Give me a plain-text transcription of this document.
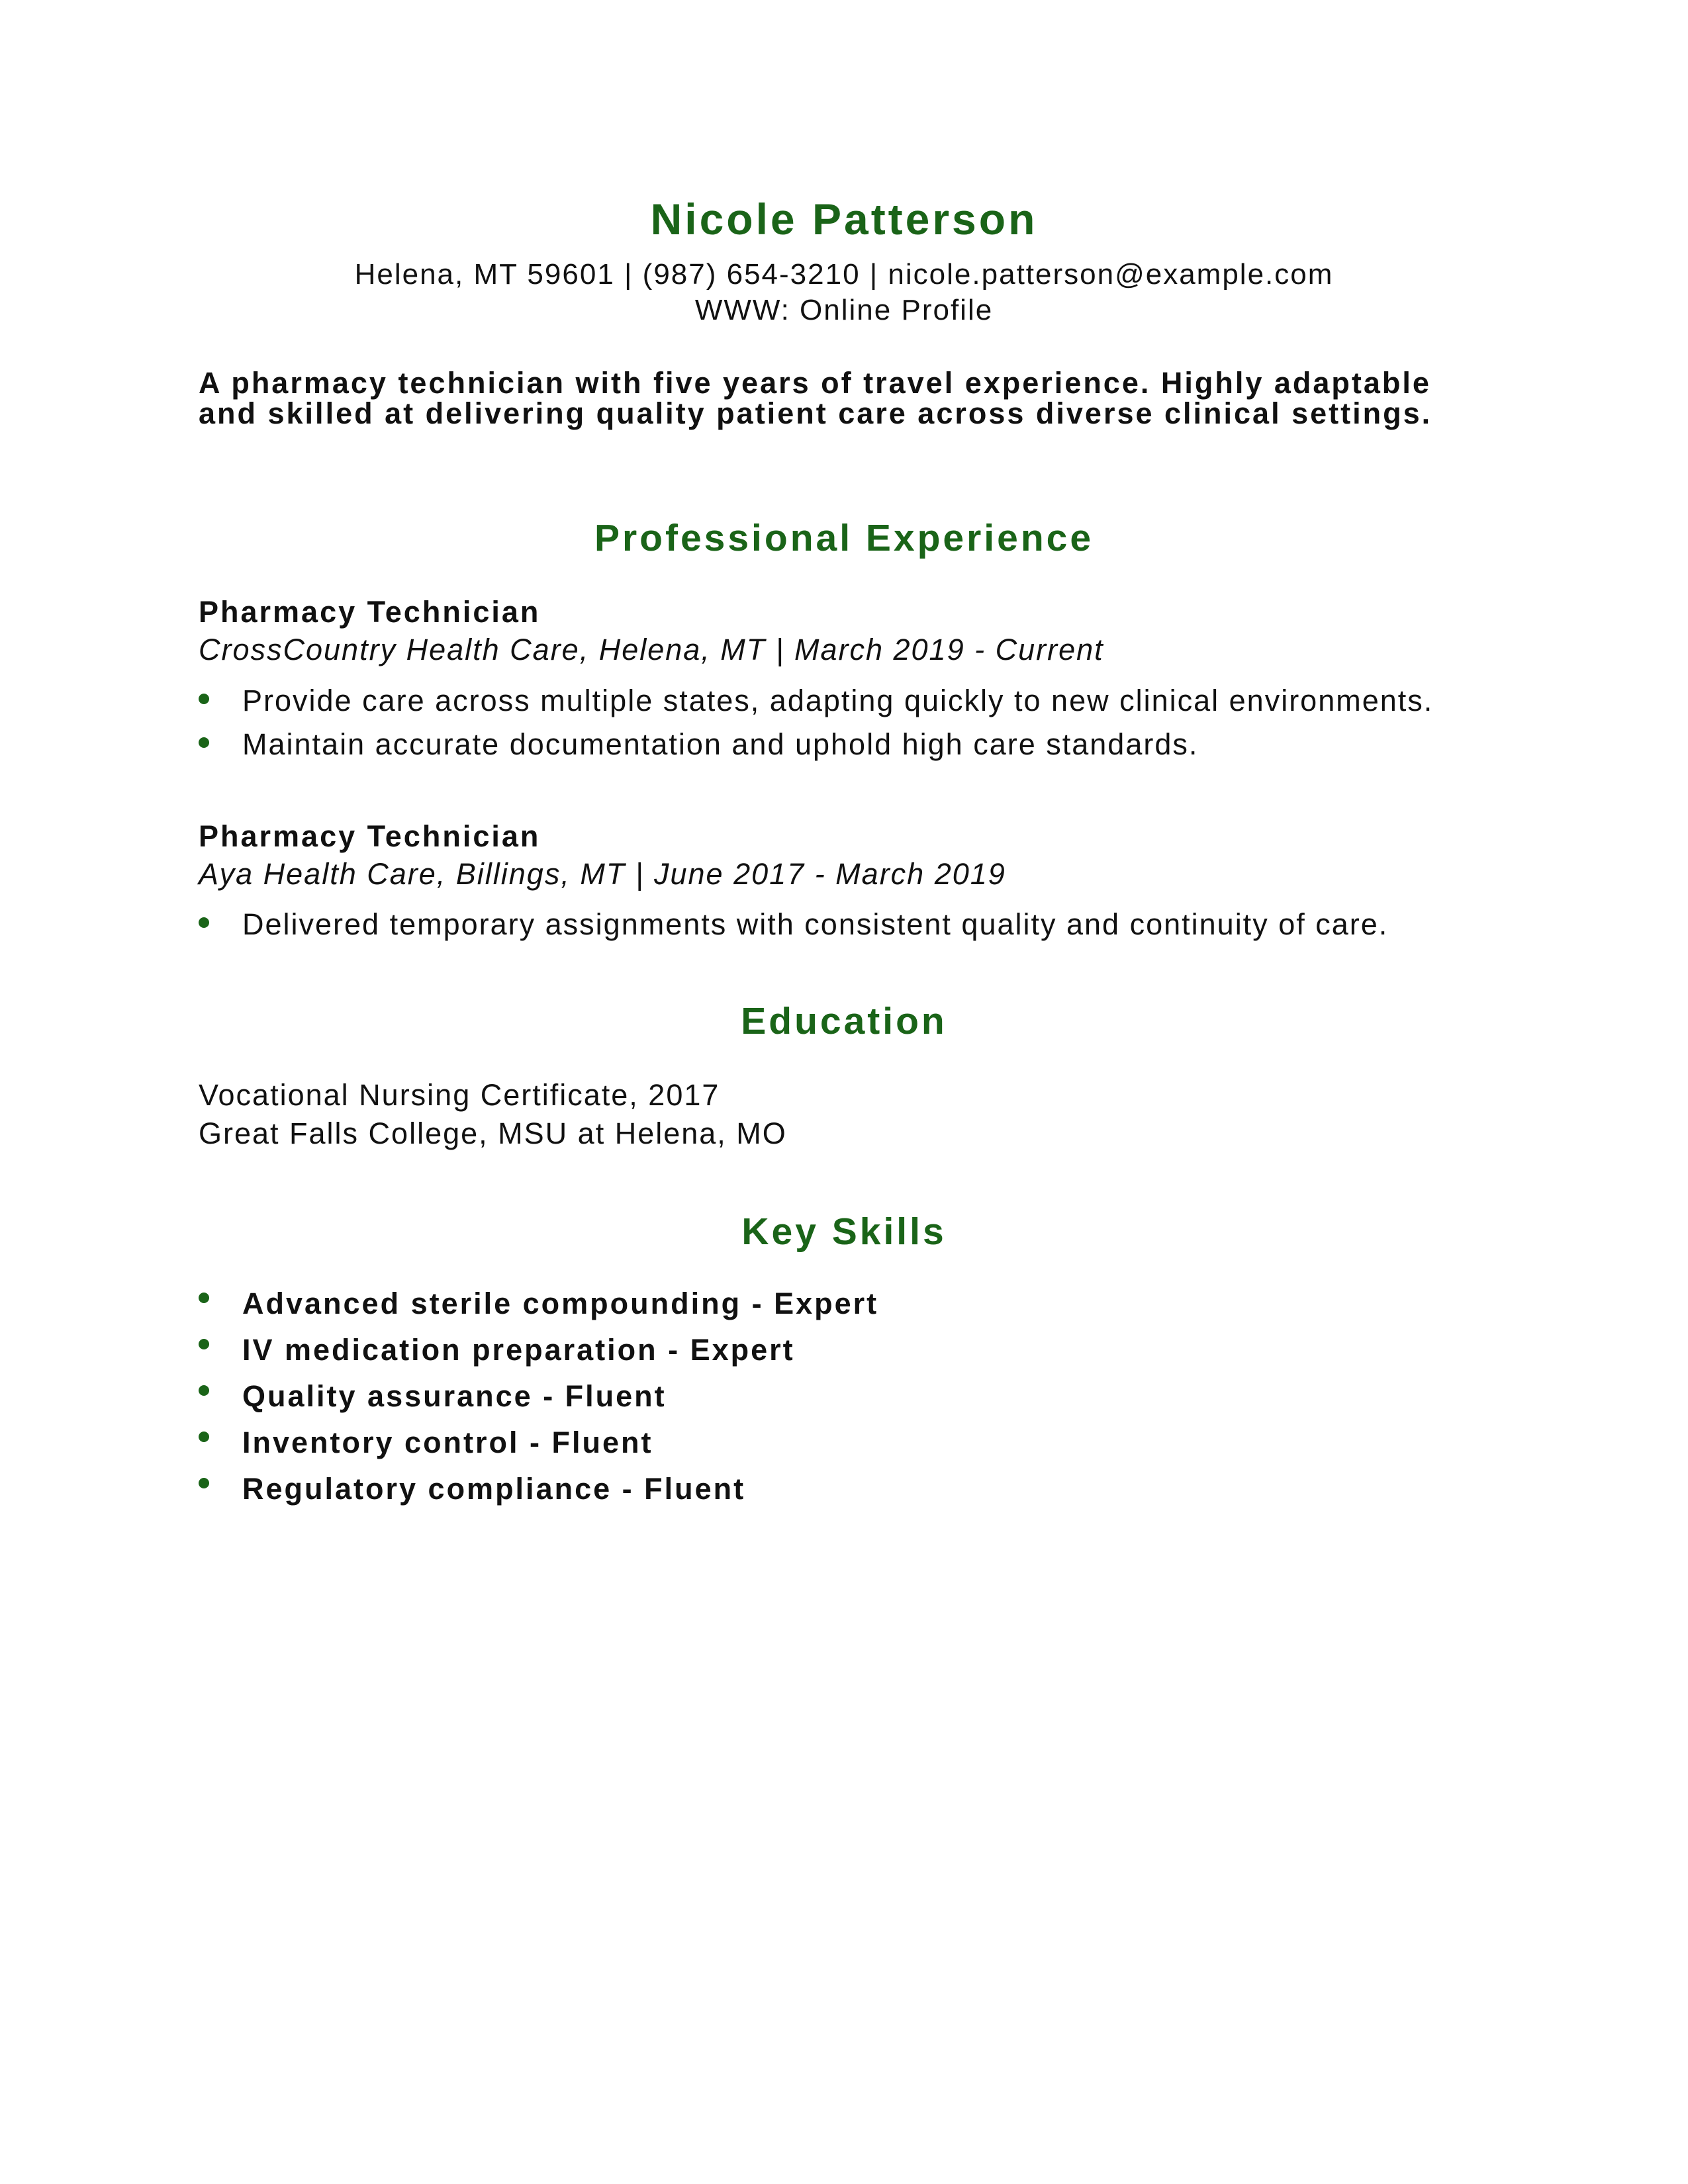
Nicole Patterson
Helena, MT 59601 | (987) 654-3210 | nicole.patterson@example.com
WWW: Online Profile
A pharmacy technician with five years of travel experience. Highly adaptable and skilled at delivering quality patient care across diverse clinical settings.
Professional Experience
Pharmacy Technician
CrossCountry Health Care, Helena, MT | March 2019 - Current
Provide care across multiple states, adapting quickly to new clinical environments.
Maintain accurate documentation and uphold high care standards.
Pharmacy Technician
Aya Health Care, Billings, MT | June 2017 - March 2019
Delivered temporary assignments with consistent quality and continuity of care.
Education
Vocational Nursing Certificate, 2017
Great Falls College, MSU at Helena, MO
Key Skills
Advanced sterile compounding - Expert
IV medication preparation - Expert
Quality assurance - Fluent
Inventory control - Fluent
Regulatory compliance - Fluent
